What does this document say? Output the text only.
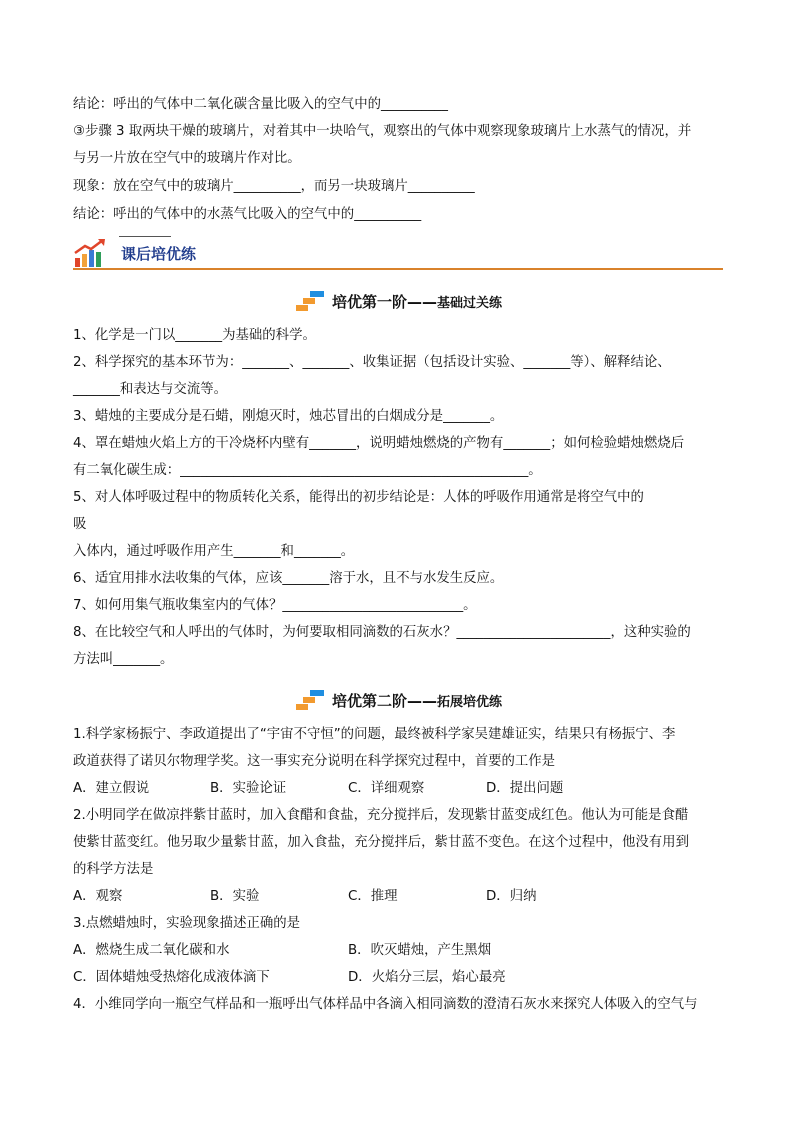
结论：呼出的气体中二氧化碳含量比吸入的空气中的__________
③步骤 3 取两块干燥的玻璃片，对着其中一块哈气，观察出的气体中观察现象玻璃片上水蒸气的情况，并
与另一片放在空气中的玻璃片作对比。
现象：放在空气中的玻璃片__________，而另一块玻璃片__________
结论：呼出的气体中的水蒸气比吸入的空气中的__________
课后培优练
培优第一阶——基础过关练
1、化学是一门以_______为基础的科学。
2、科学探究的基本环节为：_______、_______、收集证据（包括设计实验、_______等）、解释结论、
_______和表达与交流等。
3、蜡烛的主要成分是石蜡，刚熄灭时，烛芯冒出的白烟成分是_______。
4、罩在蜡烛火焰上方的干冷烧杯内壁有_______，说明蜡烛燃烧的产物有_______；如何检验蜡烛燃烧后
有二氧化碳生成：____________________________________________________。
5、对人体呼吸过程中的物质转化关系，能得出的初步结论是：人体的呼吸作用通常是将空气中的
吸
入体内，通过呼吸作用产生_______和_______。
6、适宜用排水法收集的气体，应该_______溶于水，且不与水发生反应。
7、如何用集气瓶收集室内的气体？___________________________。
8、在比较空气和人呼出的气体时，为何要取相同滴数的石灰水？_______________________，这种实验的
方法叫_______。
培优第二阶——拓展培优练
1.科学家杨振宁、李政道提出了“宇宙不守恒”的问题，最终被科学家吴建雄证实，结果只有杨振宁、李
政道获得了诺贝尔物理学奖。这一事实充分说明在科学探究过程中，首要的工作是
A．建立假说	B．实验论证	C．详细观察	D．提出问题
2.小明同学在做凉拌紫甘蓝时，加入食醋和食盐，充分搅拌后，发现紫甘蓝变成红色。他认为可能是食醋
使紫甘蓝变红。他另取少量紫甘蓝，加入食盐，充分搅拌后，紫甘蓝不变色。在这个过程中，他没有用到
的科学方法是
A．观察	B．实验	C．推理	D．归纳
3.点燃蜡烛时，实验现象描述正确的是
A．燃烧生成二氧化碳和水	B．吹灭蜡烛，产生黑烟
C．固体蜡烛受热熔化成液体滴下	D．火焰分三层，焰心最亮
4．小维同学向一瓶空气样品和一瓶呼出气体样品中各滴入相同滴数的澄清石灰水来探究人体吸入的空气与
